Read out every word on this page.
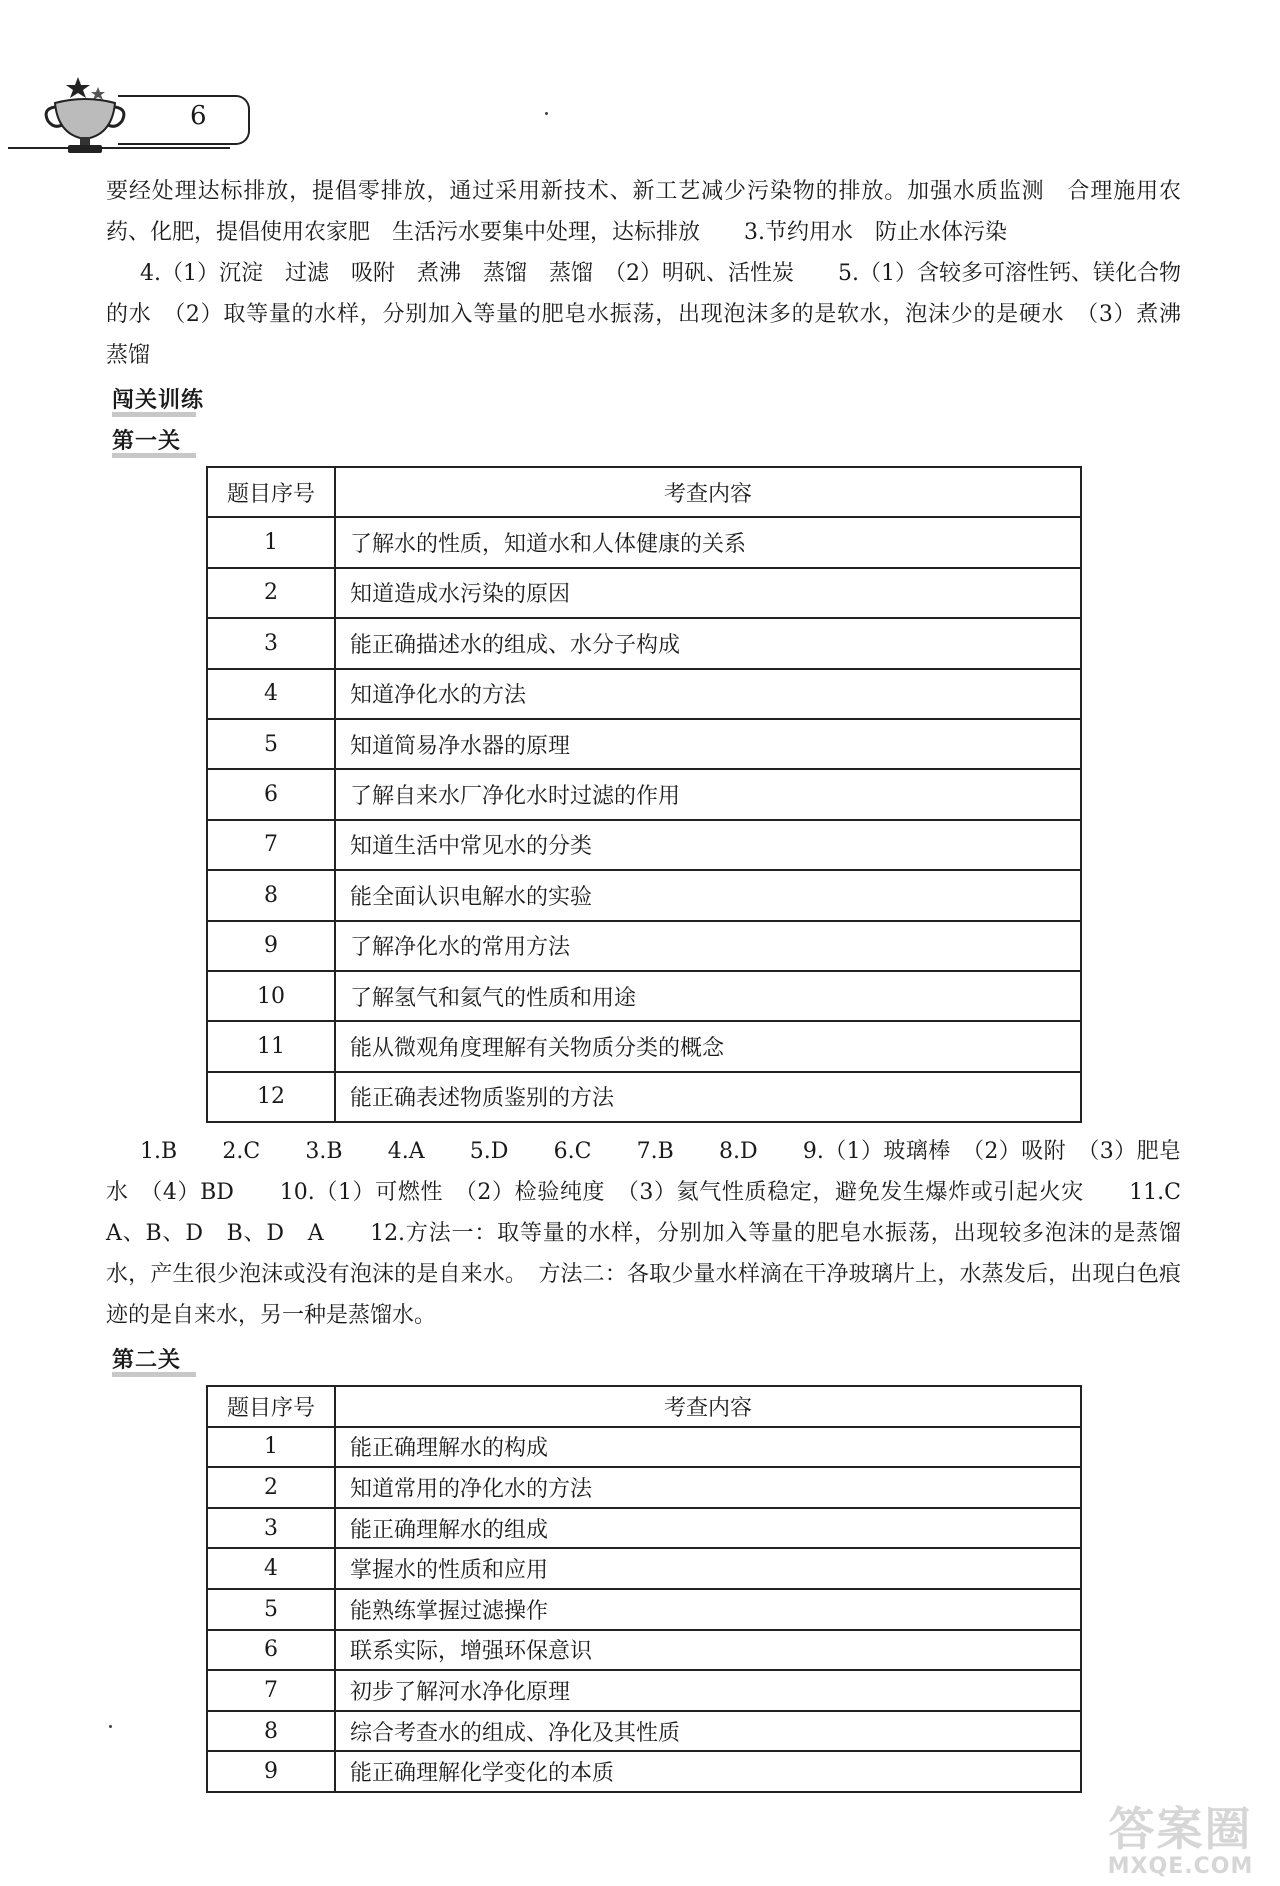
6

要经处理达标排放，提倡零排放，通过采用新技术、新工艺减少污染物的排放。加强水质监测　合理施用农药、化肥，提倡使用农家肥　生活污水要集中处理，达标排放　　3.节约用水　防止水体污染

4.（1）沉淀　过滤　吸附　煮沸　蒸馏　蒸馏　（2）明矾、活性炭　　5.（1）含较多可溶性钙、镁化合物的水　（2）取等量的水样，分别加入等量的肥皂水振荡，出现泡沫多的是软水，泡沫少的是硬水　（3）煮沸　蒸馏

闯关训练
第一关
题目序号	考查内容
1	了解水的性质，知道水和人体健康的关系
2	知道造成水污染的原因
3	能正确描述水的组成、水分子构成
4	知道净化水的方法
5	知道简易净水器的原理
6	了解自来水厂净化水时过滤的作用
7	知道生活中常见水的分类
8	能全面认识电解水的实验
9	了解净化水的常用方法
10	了解氢气和氦气的性质和用途
11	能从微观角度理解有关物质分类的概念
12	能正确表述物质鉴别的方法

1.B　　2.C　　3.B　　4.A　　5.D　　6.C　　7.B　　8.D　　9.（1）玻璃棒　（2）吸附　（3）肥皂水　（4）BD　　10.（1）可燃性　（2）检验纯度　（3）氦气性质稳定，避免发生爆炸或引起火灾　　11.C　A、B、D　B、D　A　　12.方法一：取等量的水样，分别加入等量的肥皂水振荡，出现较多泡沫的是蒸馏水，产生很少泡沫或没有泡沫的是自来水。　方法二：各取少量水样滴在干净玻璃片上，水蒸发后，出现白色痕迹的是自来水，另一种是蒸馏水。

第二关
题目序号	考查内容
1	能正确理解水的构成
2	知道常用的净化水的方法
3	能正确理解水的组成
4	掌握水的性质和应用
5	能熟练掌握过滤操作
6	联系实际，增强环保意识
7	初步了解河水净化原理
8	综合考查水的组成、净化及其性质
9	能正确理解化学变化的本质
答案圈
MXQE.COM
